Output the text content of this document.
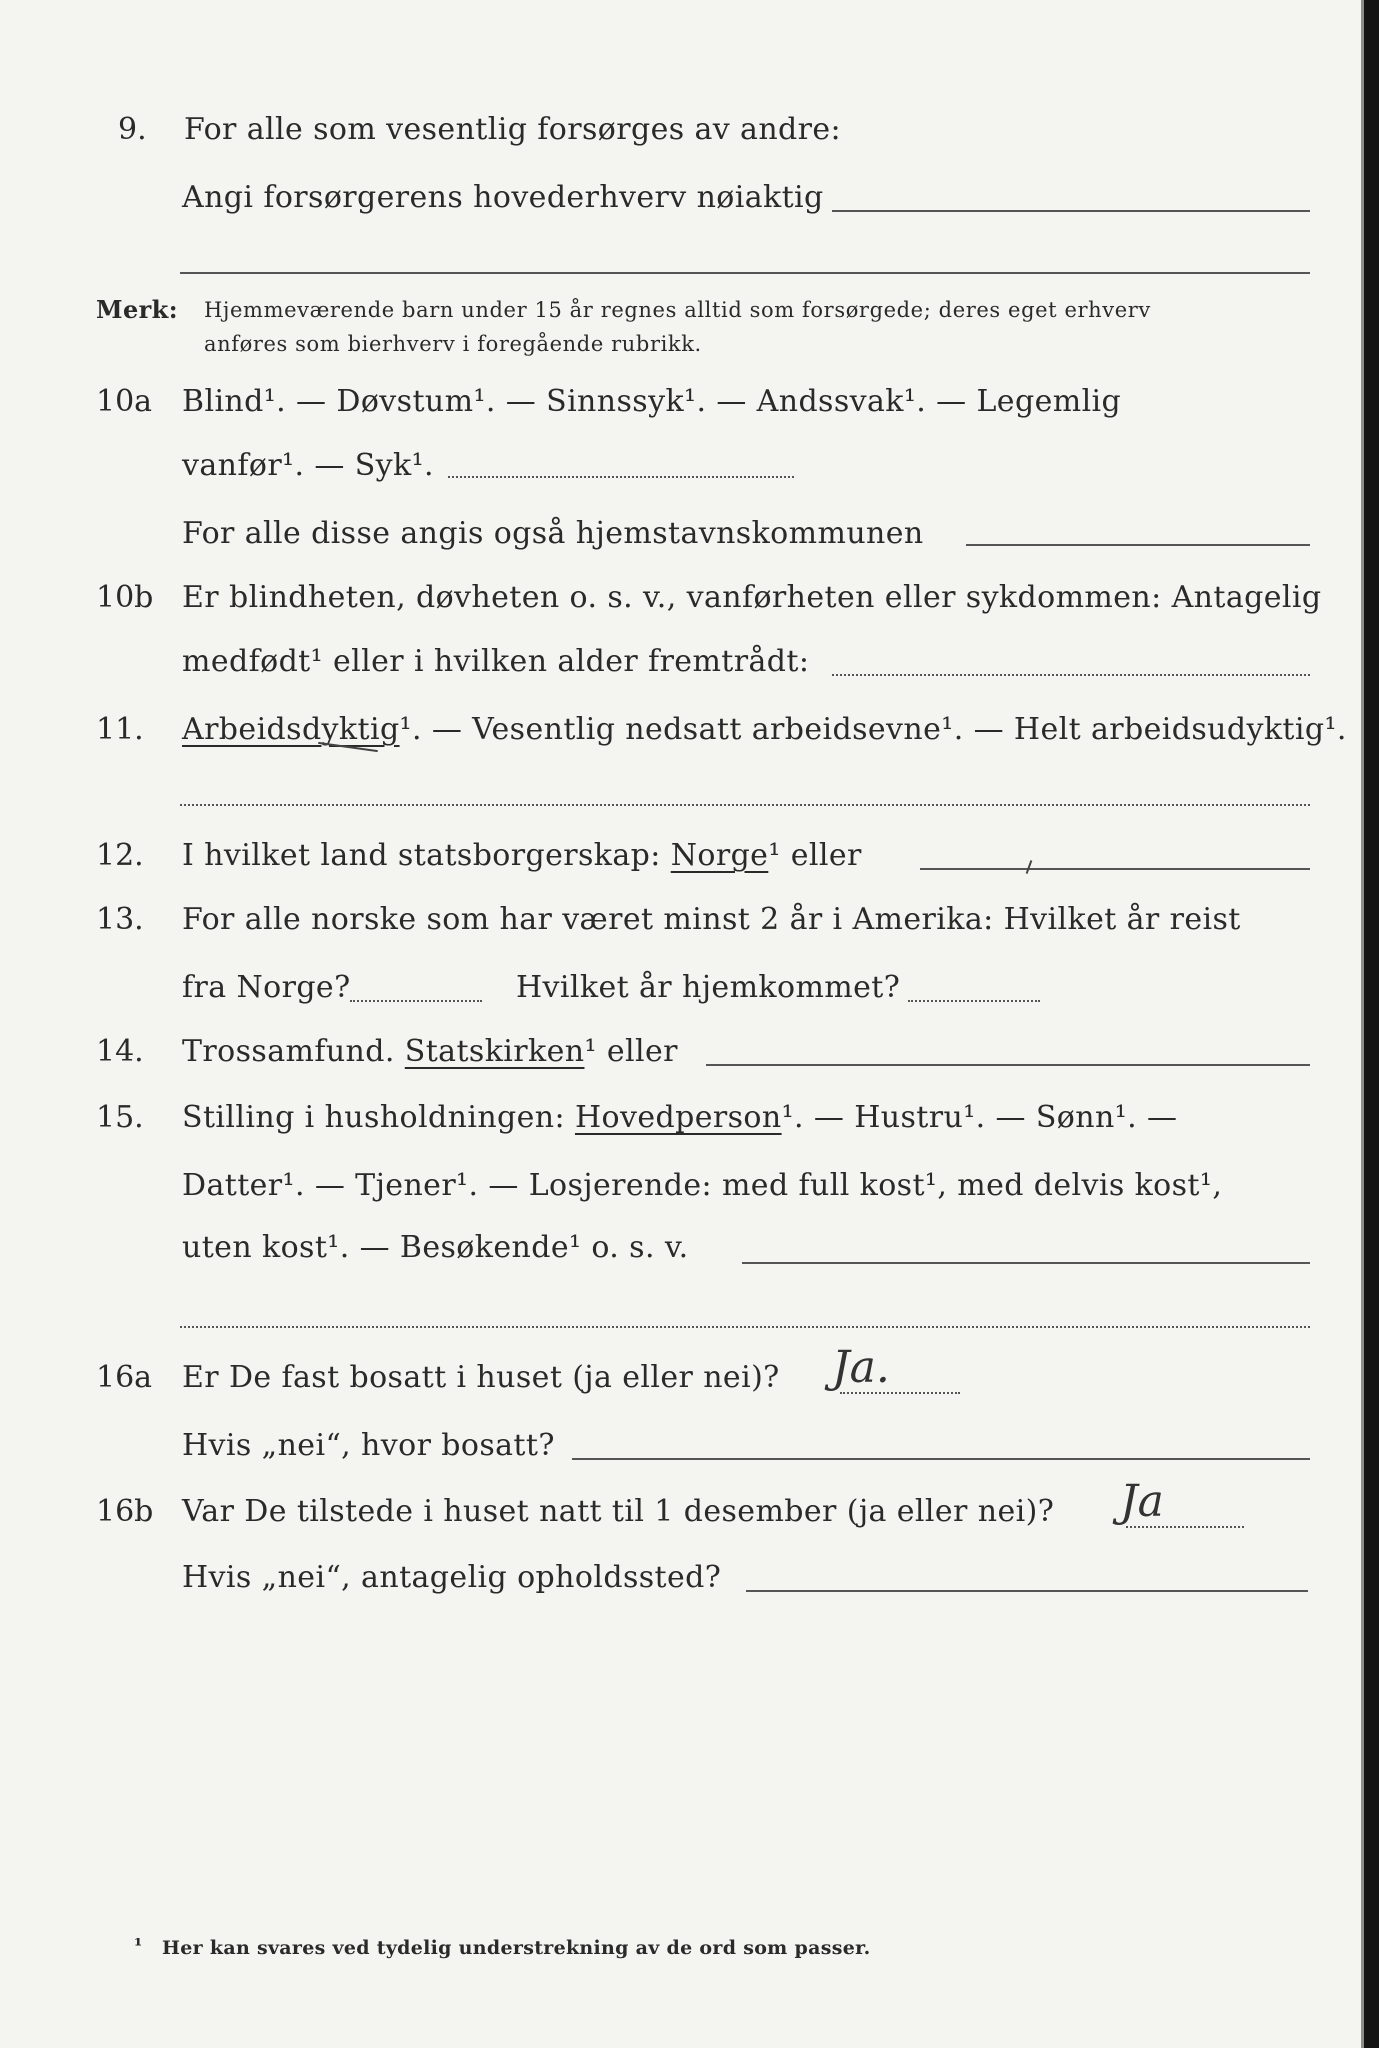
9. For alle som vesentlig forsørges av andre:
Angi forsørgerens hovederhverv nøiaktig
Merk: Hjemmeværende barn under 15 år regnes alltid som forsørgede; deres eget erhverv
anføres som bierhverv i foregående rubrikk.
10a Blind¹. — Døvstum¹. — Sinnssyk¹. — Andssvak¹. — Legemlig
vanfør¹. — Syk¹.
For alle disse angis også hjemstavnskommunen
10b Er blindheten, døvheten o. s. v., vanførheten eller sykdommen: Antagelig
medfødt¹ eller i hvilken alder fremtrådt:
11. Arbeidsdyktig¹. — Vesentlig nedsatt arbeidsevne¹. — Helt arbeidsudyktig¹.
12. I hvilket land statsborgerskap: Norge¹ eller
13. For alle norske som har været minst 2 år i Amerika: Hvilket år reist
fra Norge?	Hvilket år hjemkommet?
14. Trossamfund. Statskirken¹ eller
15. Stilling i husholdningen: Hovedperson¹. — Hustru¹. — Sønn¹. —
Datter¹. — Tjener¹. — Losjerende: med full kost¹, med delvis kost¹,
uten kost¹. — Besøkende¹ o. s. v.
16a Er De fast bosatt i huset (ja eller nei)? Ja.
Hvis „nei“, hvor bosatt?
16b Var De tilstede i huset natt til 1 desember (ja eller nei)? Ja
Hvis „nei“, antagelig opholdssted?
¹ Her kan svares ved tydelig understrekning av de ord som passer.
